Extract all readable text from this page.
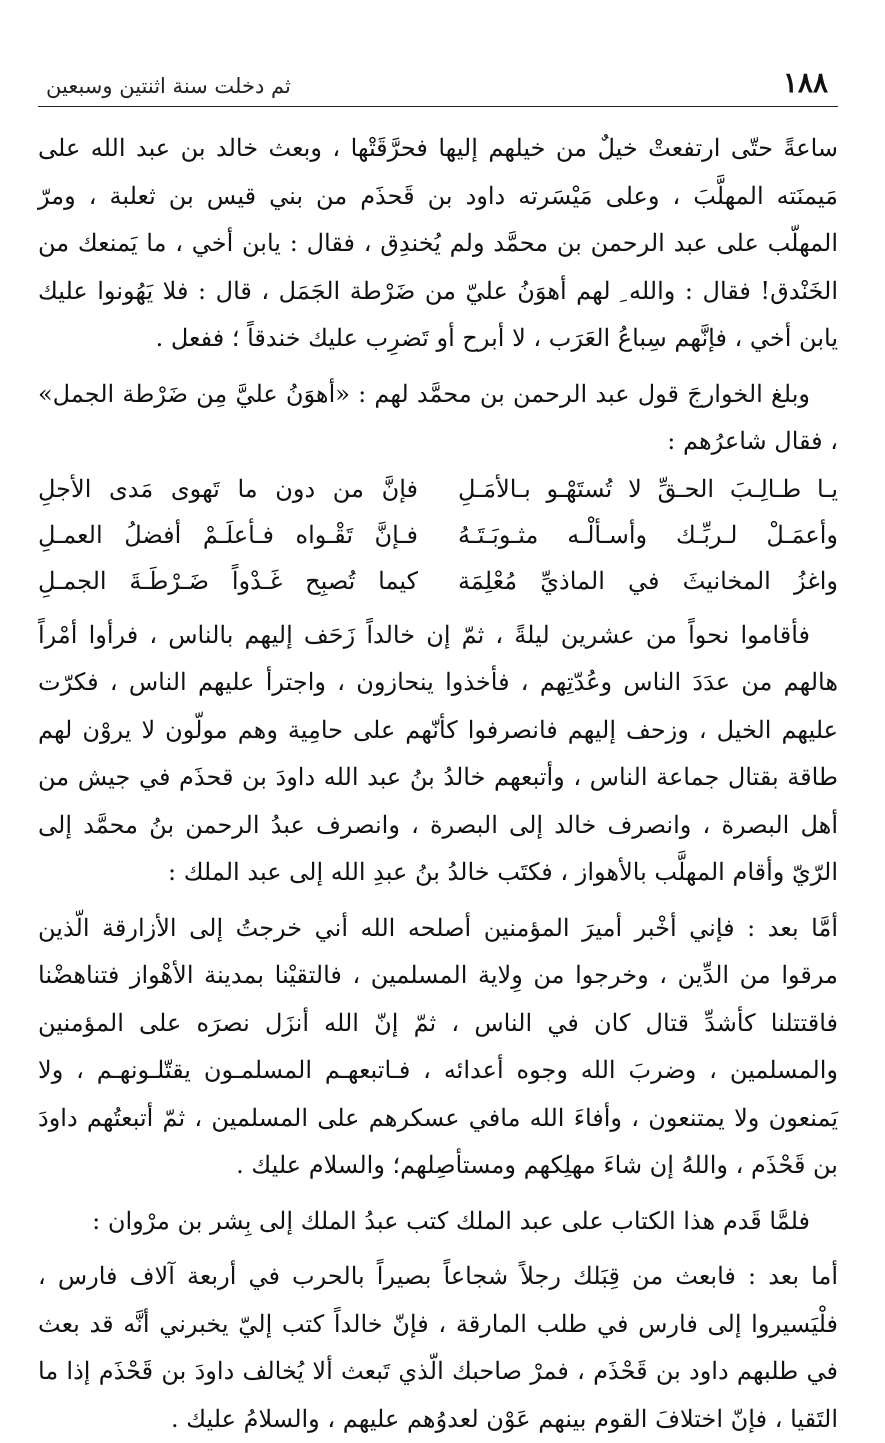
١٨٨
ثم دخلت سنة اثنتين وسبعين

ساعةً حتّى ارتفعتْ خيلٌ من خيلهم إليها فحرَّقَتْها ، وبعث خالد بن عبد الله على مَيمنَته المهلَّبَ ، وعلى مَيْسَرته داود بن قَحذَم من بني قيس بن ثعلبة ، ومرّ المهلّب على عبد الرحمن بن محمَّد ولم يُخندِق ، فقال : يابن أخي ، ما يَمنعك من الخَنْدق! فقال : والله ِ لهم أهوَنُ عليّ من ضَرْطة الجَمَل ، قال : فلا يَهُونوا عليك يابن أخي ، فإنَّهم سِباعُ العَرَب ، لا أبرح أو تَضرِب عليك خندقاً ؛ ففعل .

وبلغ الخوارجَ قول عبد الرحمن بن محمَّد لهم : «أهوَنُ عليَّ مِن ضَرْطة الجمل» ، فقال شاعرُهم :

يـا طـالِـبَ الحـقِّ لا تُستَهْـو بـالأمَـلِ
فإنَّ من دون ما تَهوى مَدى الأجلِ
وأعمَـلْ لـربِّـك وأسـألْـه مثـوبَـتَـهُ
فـإنَّ تَقْـواه فـأعلَـمْ أفضلُ العمـلِ
واغزُ المخانيثَ في الماذيِّ مُعْلِمَة
كيما تُصبِح غَـدْواً ضَـرْطَـةَ الجمـلِ

فأقاموا نحواً من عشرين ليلةً ، ثمّ إن خالداً زَحَف إليهم بالناس ، فرأوا أمْراً هالهم من عدَدَ الناس وعُدّتِهم ، فأخذوا ينحازون ، واجترأ عليهم الناس ، فكرّت عليهم الخيل ، وزحف إليهم فانصرفوا كأنّهم على حامِية وهم مولّون لا يروْن لهم طاقة بقتال جماعة الناس ، وأتبعهم خالدُ بنُ عبد الله داودَ بن قحذَم في جيش من أهل البصرة ، وانصرف خالد إلى البصرة ، وانصرف عبدُ الرحمن بنُ محمَّد إلى الرّيّ وأقام المهلَّب بالأهواز ، فكتَب خالدُ بنُ عبدِ الله إلى عبد الملك :

أمَّا بعد : فإني أخْبر أميرَ المؤمنين أصلحه الله أني خرجتُ إلى الأزارقة الّذين مرقوا من الدِّين ، وخرجوا من وِلاية المسلمين ، فالتقيْنا بمدينة الأهْواز فتناهضْنا فاقتتلنا كأشدِّ قتال كان في الناس ، ثمّ إنّ الله أنزَل نصرَه على المؤمنين والمسلمين ، وضربَ الله وجوه أعدائه ، فـاتبعهـم المسلمـون يقتّلـونهـم ، ولا يَمنعون ولا يمتنعون ، وأفاءَ الله مافي عسكرهم على المسلمين ، ثمّ أتبعتُهم داودَ بن قَحْذَم ، واللهُ إن شاءَ مهلِكهم ومستأصِلهم؛ والسلام عليك .

فلمَّا قَدم هذا الكتاب على عبد الملك كتب عبدُ الملك إلى بِشر بن مرْوان :

أما بعد : فابعث من قِبَلك رجلاً شجاعاً بصيراً بالحرب في أربعة آلاف فارس ، فلْيَسيروا إلى فارس في طلب المارقة ، فإنّ خالداً كتب إليّ يخبرني أنَّه قد بعث في طلبهم داود بن قَحْذَم ، فمرْ صاحبك الّذي تَبعث ألا يُخالف داودَ بن قَحْذَم إذا ما التَقيا ، فإنّ اختلافَ القوم بينهم عَوْن لعدوُهم عليهم ، والسلامُ عليك .
